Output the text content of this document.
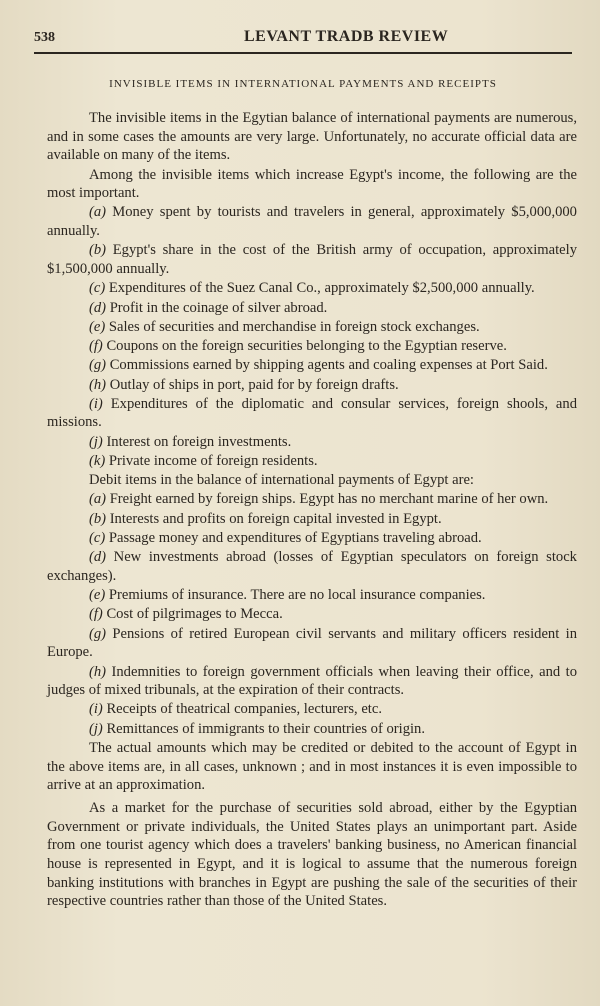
538	LEVANT TRADB REVIEW
INVISIBLE ITEMS IN INTERNATIONAL PAYMENTS AND RECEIPTS

The invisible items in the Egytian balance of international payments are numerous, and in some cases the amounts are very large. Unfortunately, no accurate official data are available on many of the items.

Among the invisible items which increase Egypt's income, the following are the most important.

(a) Money spent by tourists and travelers in general, approximately $5,000,000 annually.

(b) Egypt's share in the cost of the British army of occupation, approximately $1,500,000 annually.

(c) Expenditures of the Suez Canal Co., approximately $2,500,000 annually.

(d) Profit in the coinage of silver abroad.

(e) Sales of securities and merchandise in foreign stock exchanges.

(f) Coupons on the foreign securities belonging to the Egyptian reserve.

(g) Commissions earned by shipping agents and coaling expenses at Port Said.

(h) Outlay of ships in port, paid for by foreign drafts.

(i) Expenditures of the diplomatic and consular services, foreign shools, and missions.

(j) Interest on foreign investments.

(k) Private income of foreign residents.

Debit items in the balance of international payments of Egypt are:

(a) Freight earned by foreign ships. Egypt has no merchant marine of her own.

(b) Interests and profits on foreign capital invested in Egypt.

(c) Passage money and expenditures of Egyptians traveling abroad.

(d) New investments abroad (losses of Egyptian speculators on foreign stock exchanges).

(e) Premiums of insurance. There are no local insurance companies.

(f) Cost of pilgrimages to Mecca.

(g) Pensions of retired European civil servants and military officers resident in Europe.

(h) Indemnities to foreign government officials when leaving their office, and to judges of mixed tribunals, at the expiration of their contracts.

(i) Receipts of theatrical companies, lecturers, etc.

(j) Remittances of immigrants to their countries of origin.

The actual amounts which may be credited or debited to the account of Egypt in the above items are, in all cases, unknown ; and in most instances it is even impossible to arrive at an approximation.

As a market for the purchase of securities sold abroad, either by the Egyptian Government or private individuals, the United States plays an unimportant part. Aside from one tourist agency which does a travelers' banking business, no American financial house is represented in Egypt, and it is logical to assume that the numerous foreign banking institutions with branches in Egypt are pushing the sale of the securities of their respective countries rather than those of the United States.
